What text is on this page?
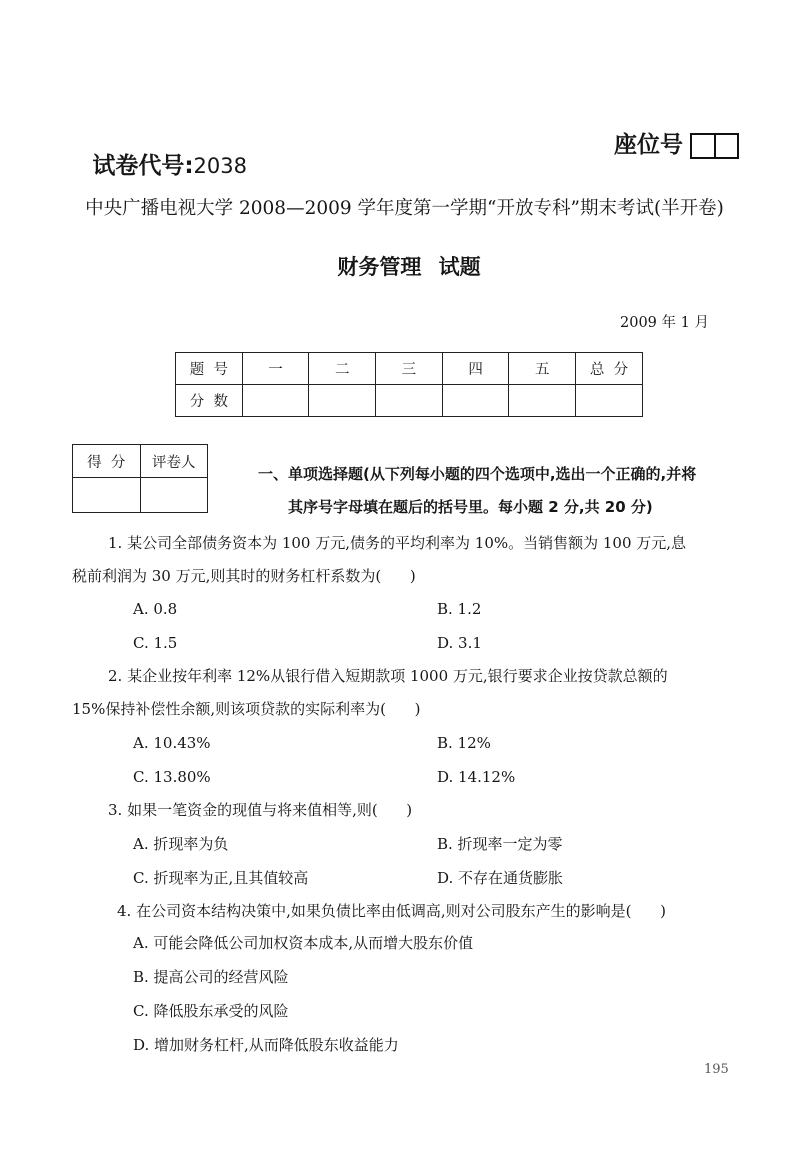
试卷代号:2038

座位号
中央广播电视大学 2008—2009 学年度第一学期“开放专科”期末考试(半开卷)
财务管理 试题
2009 年 1 月
题  号	一	二	三	四	五	总  分
分  数						
得  分	评卷人

一、单项选择题(从下列每小题的四个选项中,选出一个正确的,并将
其序号字母填在题后的括号里。每小题 2 分,共 20 分)
1. 某公司全部债务资本为 100 万元,债务的平均利率为 10%。当销售额为 100 万元,息
税前利润为 30 万元,则其时的财务杠杆系数为(      )
A. 0.8	B. 1.2
C. 1.5	D. 3.1
2. 某企业按年利率 12%从银行借入短期款项 1000 万元,银行要求企业按贷款总额的
15%保持补偿性余额,则该项贷款的实际利率为(      )
A. 10.43%	B. 12%
C. 13.80%	D. 14.12%
3. 如果一笔资金的现值与将来值相等,则(      )
A. 折现率为负	B. 折现率一定为零
C. 折现率为正,且其值较高	D. 不存在通货膨胀
4. 在公司资本结构决策中,如果负债比率由低调高,则对公司股东产生的影响是(      )
A. 可能会降低公司加权资本成本,从而增大股东价值
B. 提高公司的经营风险
C. 降低股东承受的风险
D. 增加财务杠杆,从而降低股东收益能力
195
